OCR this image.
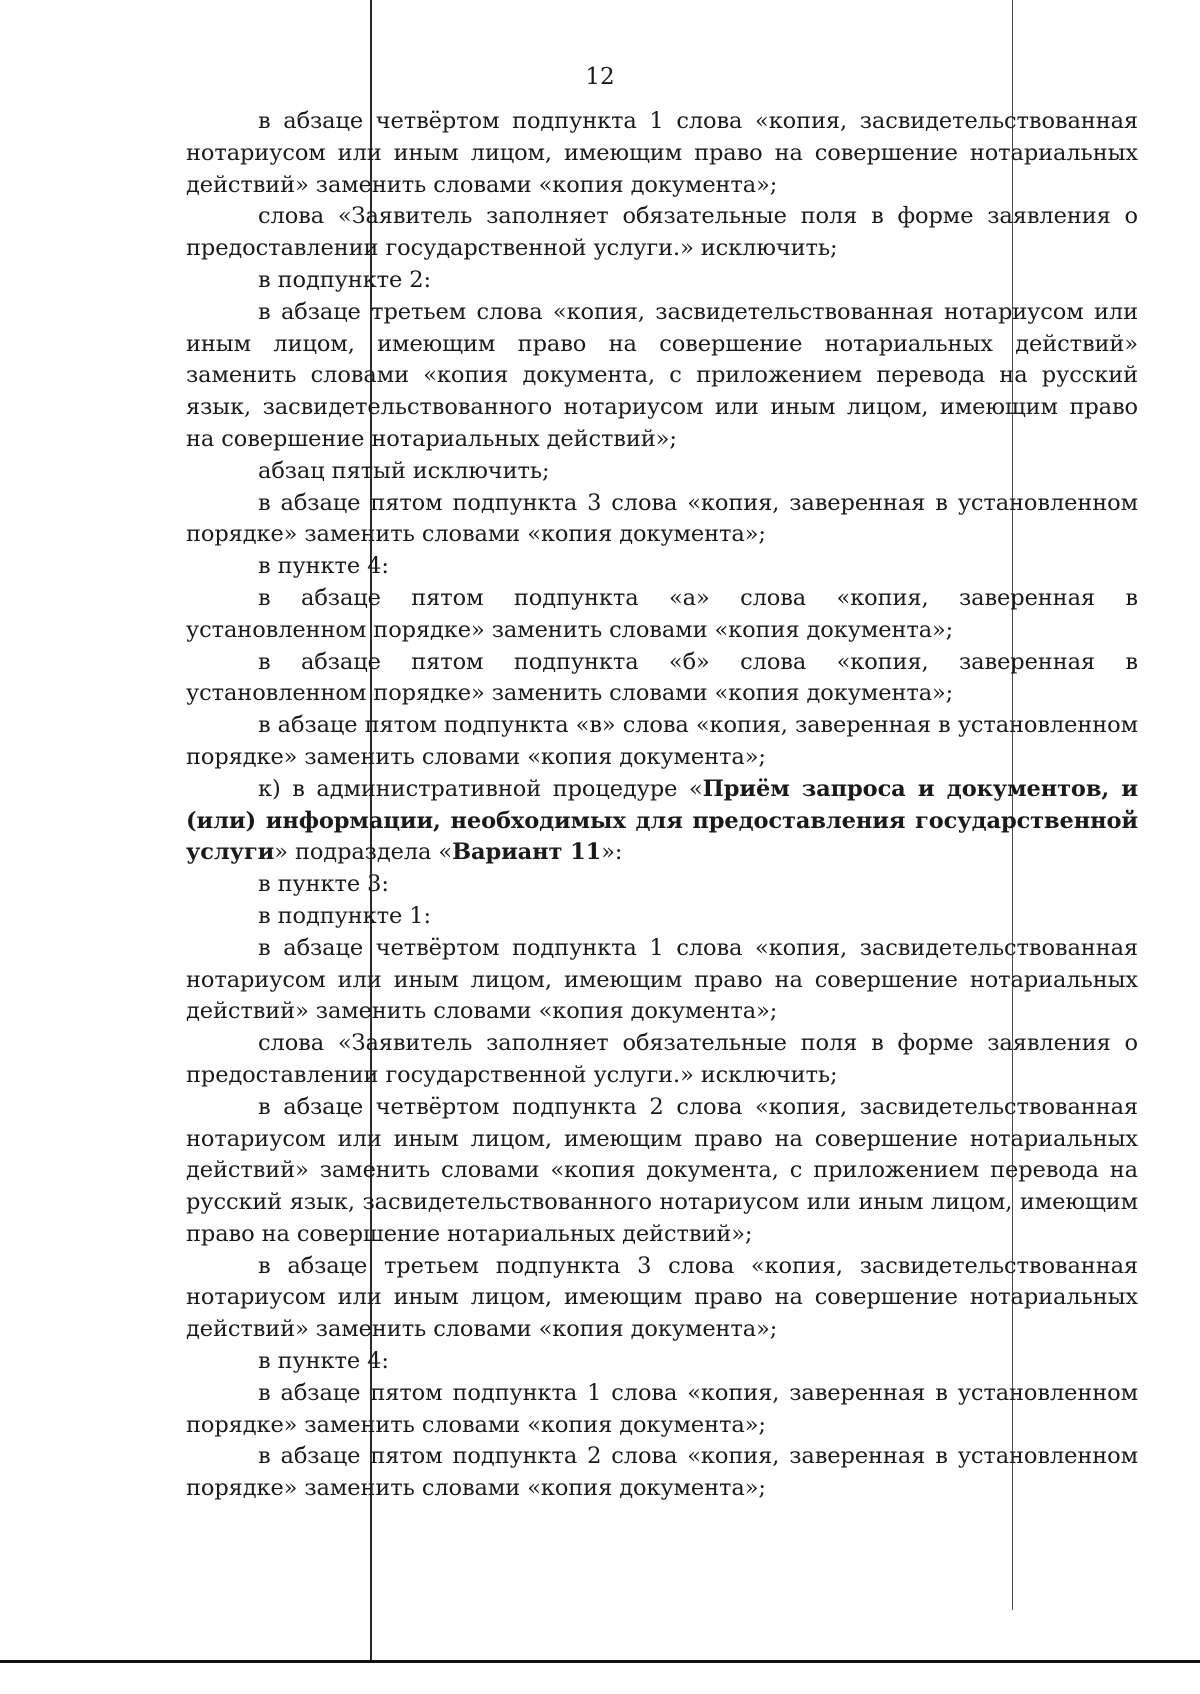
12

в абзаце четвёртом подпункта 1 слова «копия, засвидетельствованная нотариусом или иным лицом, имеющим право на совершение нотариальных действий» заменить словами «копия документа»;

слова «Заявитель заполняет обязательные поля в форме заявления о предоставлении государственной услуги.» исключить;

в подпункте 2:

в абзаце третьем слова «копия, засвидетельствованная нотариусом или иным лицом, имеющим право на совершение нотариальных действий» заменить словами «копия документа, с приложением перевода на русский язык, засвидетельствованного нотариусом или иным лицом, имеющим право на совершение нотариальных действий»;

абзац пятый исключить;

в абзаце пятом подпункта 3 слова «копия, заверенная в установленном порядке» заменить словами «копия документа»;

в пункте 4:

в абзаце пятом подпункта «а» слова «копия, заверенная в установленном порядке» заменить словами «копия документа»;

в абзаце пятом подпункта «б» слова «копия, заверенная в установленном порядке» заменить словами «копия документа»;

в абзаце пятом подпункта «в» слова «копия, заверенная в установленном порядке» заменить словами «копия документа»;

к) в административной процедуре «Приём запроса и документов, и (или) информации, необходимых для предоставления государственной услуги» подраздела «Вариант 11»:

в пункте 3:

в подпункте 1:

в абзаце четвёртом подпункта 1 слова «копия, засвидетельствованная нотариусом или иным лицом, имеющим право на совершение нотариальных действий» заменить словами «копия документа»;

слова «Заявитель заполняет обязательные поля в форме заявления о предоставлении государственной услуги.» исключить;

в абзаце четвёртом подпункта 2 слова «копия, засвидетельствованная нотариусом или иным лицом, имеющим право на совершение нотариальных действий» заменить словами «копия документа, с приложением перевода на русский язык, засвидетельствованного нотариусом или иным лицом, имеющим право на совершение нотариальных действий»;

в абзаце третьем подпункта 3 слова «копия, засвидетельствованная нотариусом или иным лицом, имеющим право на совершение нотариальных действий» заменить словами «копия документа»;

в пункте 4:

в абзаце пятом подпункта 1 слова «копия, заверенная в установленном порядке» заменить словами «копия документа»;

в абзаце пятом подпункта 2 слова «копия, заверенная в установленном порядке» заменить словами «копия документа»;
